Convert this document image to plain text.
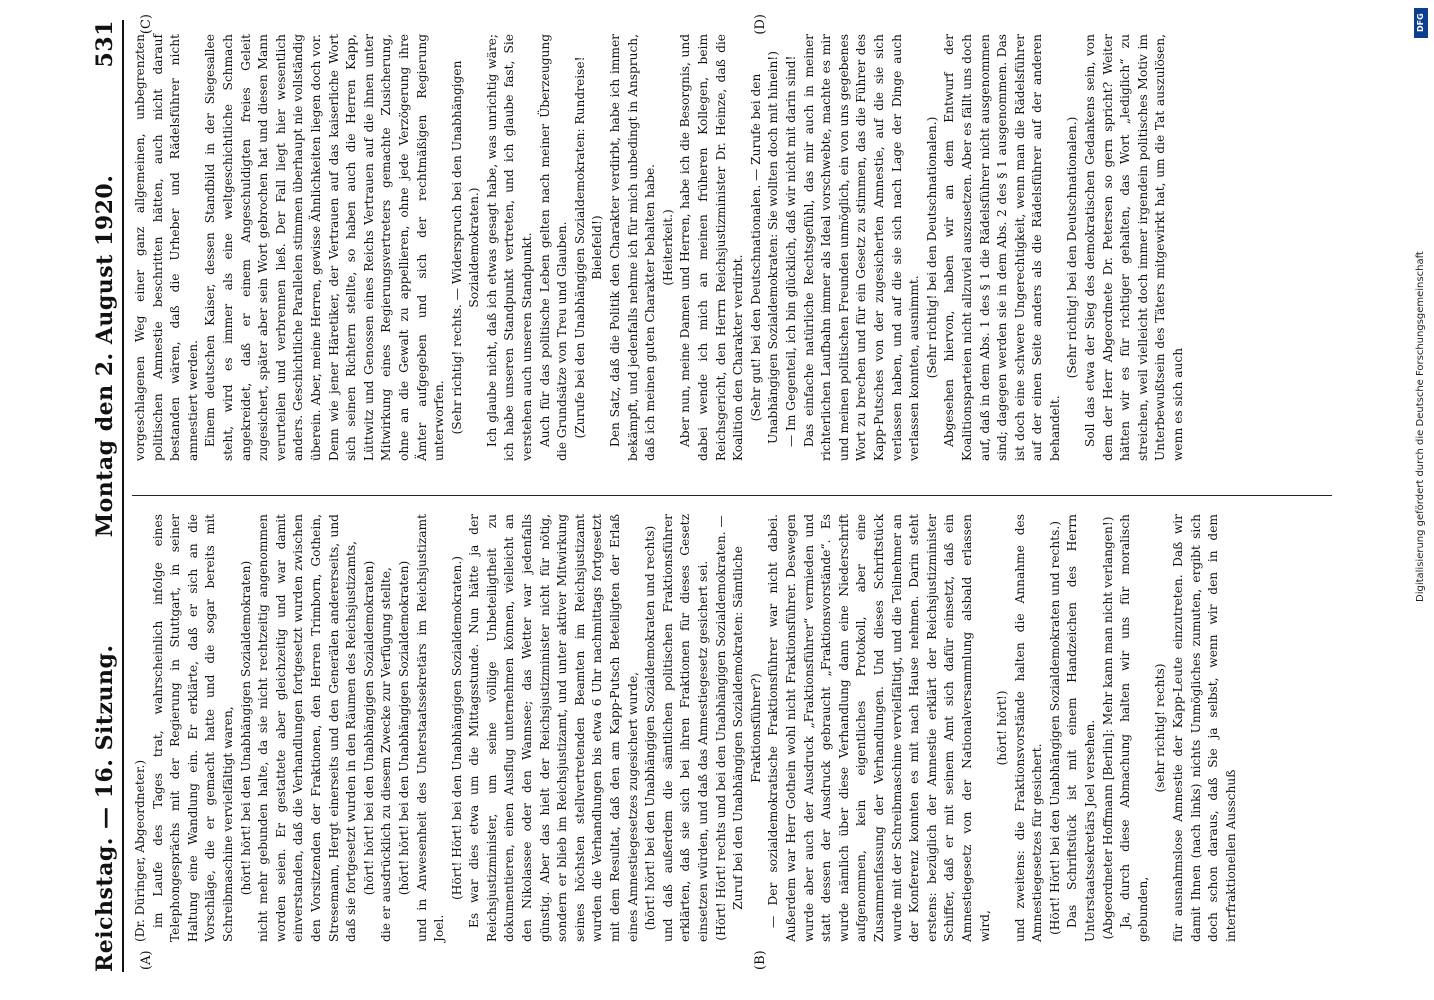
DFG
Digitalisierung gefördert durch die Deutsche Forschungsgemeinschaft
Reichstag. — 16. Sitzung.
Montag den 2. August 1920.
531
(A)	(B)

(Dr. Düringer, Abgeordneter.) im Laufe des Tages trat, wahrscheinlich infolge eines Telephongesprächs mit der Regierung in Stuttgart, in seiner Haltung eine Wandlung ein. Er erklärte, daß er sich an die Vorschläge, die er gemacht hatte und die sogar bereits mit Schreibmaschine vervielfältigt waren, (hört! hört! bei den Unabhängigen Sozialdemokraten) nicht mehr gebunden halte, da sie nicht rechtzeitig angenommen worden seien. Er gestattete aber gleichzeitig und war damit einverstanden, daß die Verhandlungen fortgesetzt wurden zwischen den Vorsitzenden der Fraktionen, den Herren Trimborn, Gothein, Stresemann, Hergt einerseits und den Generälen andererseits, und daß sie fortgesetzt wurden in den Räumen des Reichsjustizamts, (hört! hört! bei den Unabhängigen Sozialdemokraten) die er ausdrücklich zu diesem Zwecke zur Verfügung stellte, (hört! hört! bei den Unabhängigen Sozialdemokraten) und in Anwesenheit des Unterstaatssekretärs im Reichsjustizamt Joel.

(Hört! Hört! bei den Unabhängigen Sozialdemokraten.) Es war dies etwa um die Mittagsstunde. Nun hätte ja der Reichsjustizminister, um seine völlige Unbeteiligtheit zu dokumentieren, einen Ausflug unternehmen können, vielleicht an den Nikolassee oder den Wannsee; das Wetter war jedenfalls günstig. Aber das hielt der Reichsjustizminister nicht für nötig, sondern er blieb im Reichsjustizamt, und unter aktiver Mitwirkung seines höchsten stellvertretenden Beamten im Reichsjustizamt wurden die Verhandlungen bis etwa 6 Uhr nachmittags fortgesetzt mit dem Resultat, daß den am Kapp-Putsch Beteiligten der Erlaß eines Amnestiegesetzes zugesichert wurde, (hört! hört! bei den Unabhängigen Sozialdemokraten und rechts) und daß außerdem die sämtlichen politischen Fraktionsführer erklärten, daß sie sich bei ihren Fraktionen für dieses Gesetz einsetzen würden, und daß das Amnestiegesetz gesichert sei. (Hört! Hört! rechts und bei den Unabhängigen Sozialdemokraten. — Zuruf bei den Unabhängigen Sozialdemokraten: Sämtliche Fraktionsführer?) — Der sozialdemokratische Fraktionsführer war nicht dabei. Außerdem war Herr Gothein wohl nicht Fraktionsführer. Deswegen wurde aber auch der Ausdruck „Fraktionsführer“ vermieden und statt dessen der Ausdruck gebraucht „Fraktionsvorstände“. Es wurde nämlich über diese Verhandlung dann eine Niederschrift aufgenommen, kein eigentliches Protokoll, aber eine Zusammenfassung der Verhandlungen. Und dieses Schriftstück wurde mit der Schreibmaschine vervielfältigt, und die Teilnehmer an der Konferenz konnten es mit nach Hause nehmen. Darin steht erstens: bezüglich der Amnestie erklärt der Reichsjustizminister Schiffer, daß er mit seinem Amt sich dafür einsetzt, daß ein Amnestiegesetz von der Nationalversammlung alsbald erlassen wird,

(hört! hört!) und zweitens: die Fraktionsvorstände halten die Annahme des Amnestiegesetzes für gesichert. (Hört! Hört! bei den Unabhängigen Sozialdemokraten und rechts.) Das Schriftstück ist mit einem Handzeichen des Herrn Unterstaatssekretärs Joel versehen. (Abgeordneter Hoffmann [Berlin]: Mehr kann man nicht verlangen!) Ja, durch diese Abmachung halten wir uns für moralisch gebunden,

(sehr richtig! rechts) für ausnahmslose Amnestie der Kapp-Leute einzutreten. Daß wir damit Ihnen (nach links) nichts Unmögliches zumuten, ergibt sich doch schon daraus, daß Sie ja selbst, wenn wir den in dem interfraktionellen Ausschuß

(C)	(D)

vorgeschlagenen Weg einer ganz allgemeinen, unbegrenzten politischen Amnestie beschritten hätten, auch nicht darauf bestanden wären, daß die Urheber und Rädelsführer nicht amnestiert werden. Einem deutschen Kaiser, dessen Standbild in der Siegesallee steht, wird es immer als eine weltgeschichtliche Schmach angekreidet, daß er einem Angeschuldigten freies Geleit zugesichert, später aber sein Wort gebrochen hat und diesen Mann verurteilen und verbrennen ließ. Der Fall liegt hier wesentlich anders. Geschichtliche Parallelen stimmen überhaupt nie vollständig überein. Aber, meine Herren, gewisse Ähnlichkeiten liegen doch vor. Denn wie jener Häretiker, der Vertrauen auf das kaiserliche Wort sich seinen Richtern stellte, so haben auch die Herren Kapp, Lüttwitz und Genossen eines Reichs Vertrauen auf die ihnen unter Mitwirkung eines Regierungsvertreters gemachte Zusicherung, ohne an die Gewalt zu appellieren, ohne jede Verzögerung ihre Ämter aufgegeben und sich der rechtmäßigen Regierung unterworfen. (Sehr richtig! rechts. — Widerspruch bei den Unabhängigen Sozialdemokraten.) Ich glaube nicht, daß ich etwas gesagt habe, was unrichtig wäre; ich habe unseren Standpunkt vertreten, und ich glaube fast, Sie verstehen auch unseren Standpunkt. Auch für das politische Leben gelten nach meiner Überzeugung die Grundsätze von Treu und Glauben. (Zurufe bei den Unabhängigen Sozialdemokraten: Rundreise! Bielefeld!) Den Satz, daß die Politik den Charakter verdirbt, habe ich immer bekämpft, und jedenfalls nehme ich für mich unbedingt in Anspruch, daß ich meinen guten Charakter behalten habe. (Heiterkeit.) Aber nun, meine Damen und Herren, habe ich die Besorgnis, und dabei wende ich mich an meinen früheren Kollegen, beim Reichsgericht, den Herrn Reichsjustizminister Dr. Heinze, daß die Koalition den Charakter verdirbt. (Sehr gut! bei den Deutschnationalen. — Zurufe bei den Unabhängigen Sozialdemokraten: Sie wollten doch mit hinein!) — Im Gegenteil, ich bin glücklich, daß wir nicht mit darin sind! Das einfache natürliche Rechtsgefühl, das mir auch in meiner richterlichen Laufbahn immer als Ideal vorschwebte, machte es mir und meinen politischen Freunden unmöglich, ein von uns gegebenes Wort zu brechen und für ein Gesetz zu stimmen, das die Führer des Kapp-Putsches von der zugesicherten Amnestie, auf die sie sich verlassen haben, und auf die sie sich nach Lage der Dinge auch verlassen konnten, ausnimmt. (Sehr richtig! bei den Deutschnationalen.) Abgesehen hiervon, haben wir an dem Entwurf der Koalitionsparteien nicht allzuviel auszusetzen. Aber es fällt uns doch auf, daß in dem Abs. 1 des § 1 die Rädelsführer nicht ausgenommen sind; dagegen werden sie in dem Abs. 2 des § 1 ausgenommen. Das ist doch eine schwere Ungerechtigkeit, wenn man die Rädelsführer auf der einen Seite anders als die Rädelsführer auf der anderen behandelt.

(Sehr richtig! bei den Deutschnationalen.) Soll das etwa der Sieg des demokratischen Gedankens sein, von dem der Herr Abgeordnete Dr. Petersen so gern spricht? Weiter hätten wir es für richtiger gehalten, das Wort „lediglich“ zu streichen, weil vielleicht doch immer irgendein politisches Motiv im Unterbewußtsein des Täters mitgewirkt hat, um die Tat auszulösen, wenn es sich auch
